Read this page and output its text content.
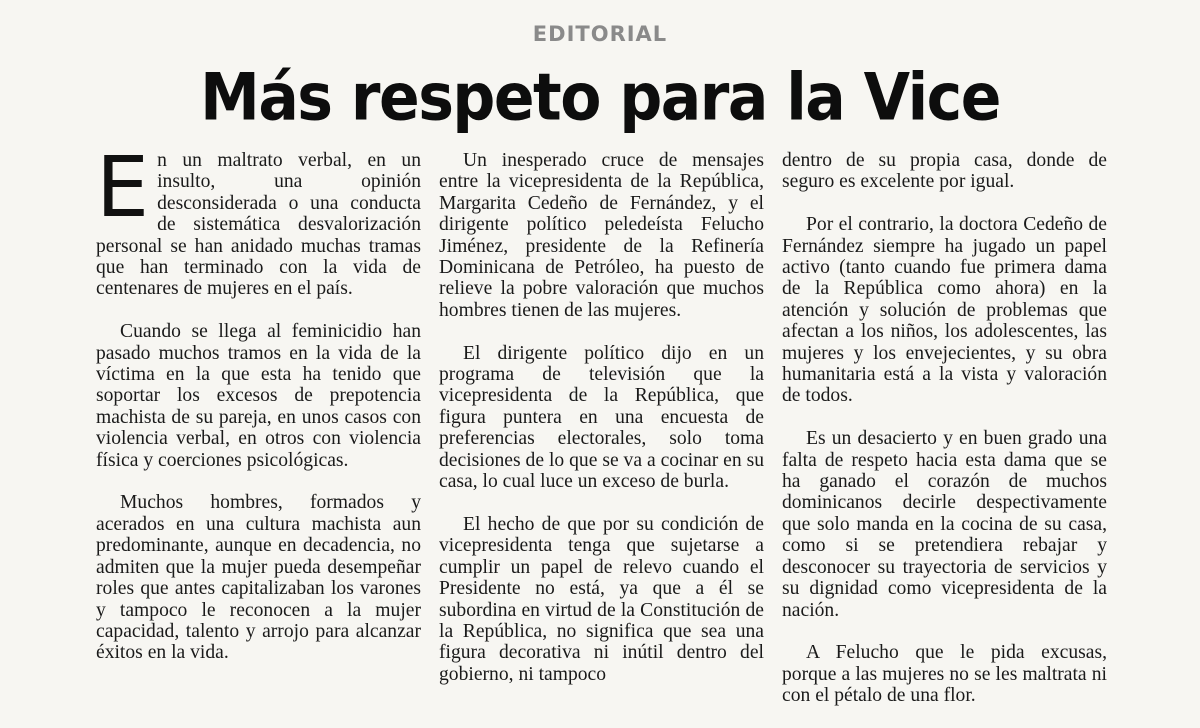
EDITORIAL
Más respeto para la Vice

En un maltrato verbal, en un insulto, una opinión desconsiderada o una conducta de sistemática desvalorización personal se han anidado muchas tramas que han terminado con la vida de centenares de mujeres en el país.

Cuando se llega al feminicidio han pasado muchos tramos en la vida de la víctima en la que esta ha tenido que soportar los excesos de prepotencia machista de su pareja, en unos casos con violencia verbal, en otros con violencia física y coerciones psicológicas.

Muchos hombres, formados y acerados en una cultura machista aun predominante, aunque en decadencia, no admiten que la mujer pueda desempeñar roles que antes capitalizaban los varones y tampoco le reconocen a la mujer capacidad, talento y arrojo para alcanzar éxitos en la vida.

Un inesperado cruce de mensajes entre la vicepresidenta de la República, Margarita Cedeño de Fernández, y el dirigente político peledeísta Felucho Jiménez, presidente de la Refinería Dominicana de Petróleo, ha puesto de relieve la pobre valoración que muchos hombres tienen de las mujeres.

El dirigente político dijo en un programa de televisión que la vicepresidenta de la República, que figura puntera en una encuesta de preferencias electorales, solo toma decisiones de lo que se va a cocinar en su casa, lo cual luce un exceso de burla.

El hecho de que por su condición de vicepresidenta tenga que sujetarse a cumplir un papel de relevo cuando el Presidente no está, ya que a él se subordina en virtud de la Constitución de la República, no significa que sea una figura decorativa ni inútil dentro del gobierno, ni tampoco

dentro de su propia casa, donde de seguro es excelente por igual.

Por el contrario, la doctora Cedeño de Fernández siempre ha jugado un papel activo (tanto cuando fue primera dama de la República como ahora) en la atención y solución de problemas que afectan a los niños, los adolescentes, las mujeres y los envejecientes, y su obra humanitaria está a la vista y valoración de todos.

Es un desacierto y en buen grado una falta de respeto hacia esta dama que se ha ganado el corazón de muchos dominicanos decirle despectivamente que solo manda en la cocina de su casa, como si se pretendiera rebajar y desconocer su trayectoria de servicios y su dignidad como vicepresidenta de la nación.

A Felucho que le pida excusas, porque a las mujeres no se les maltrata ni con el pétalo de una flor.
